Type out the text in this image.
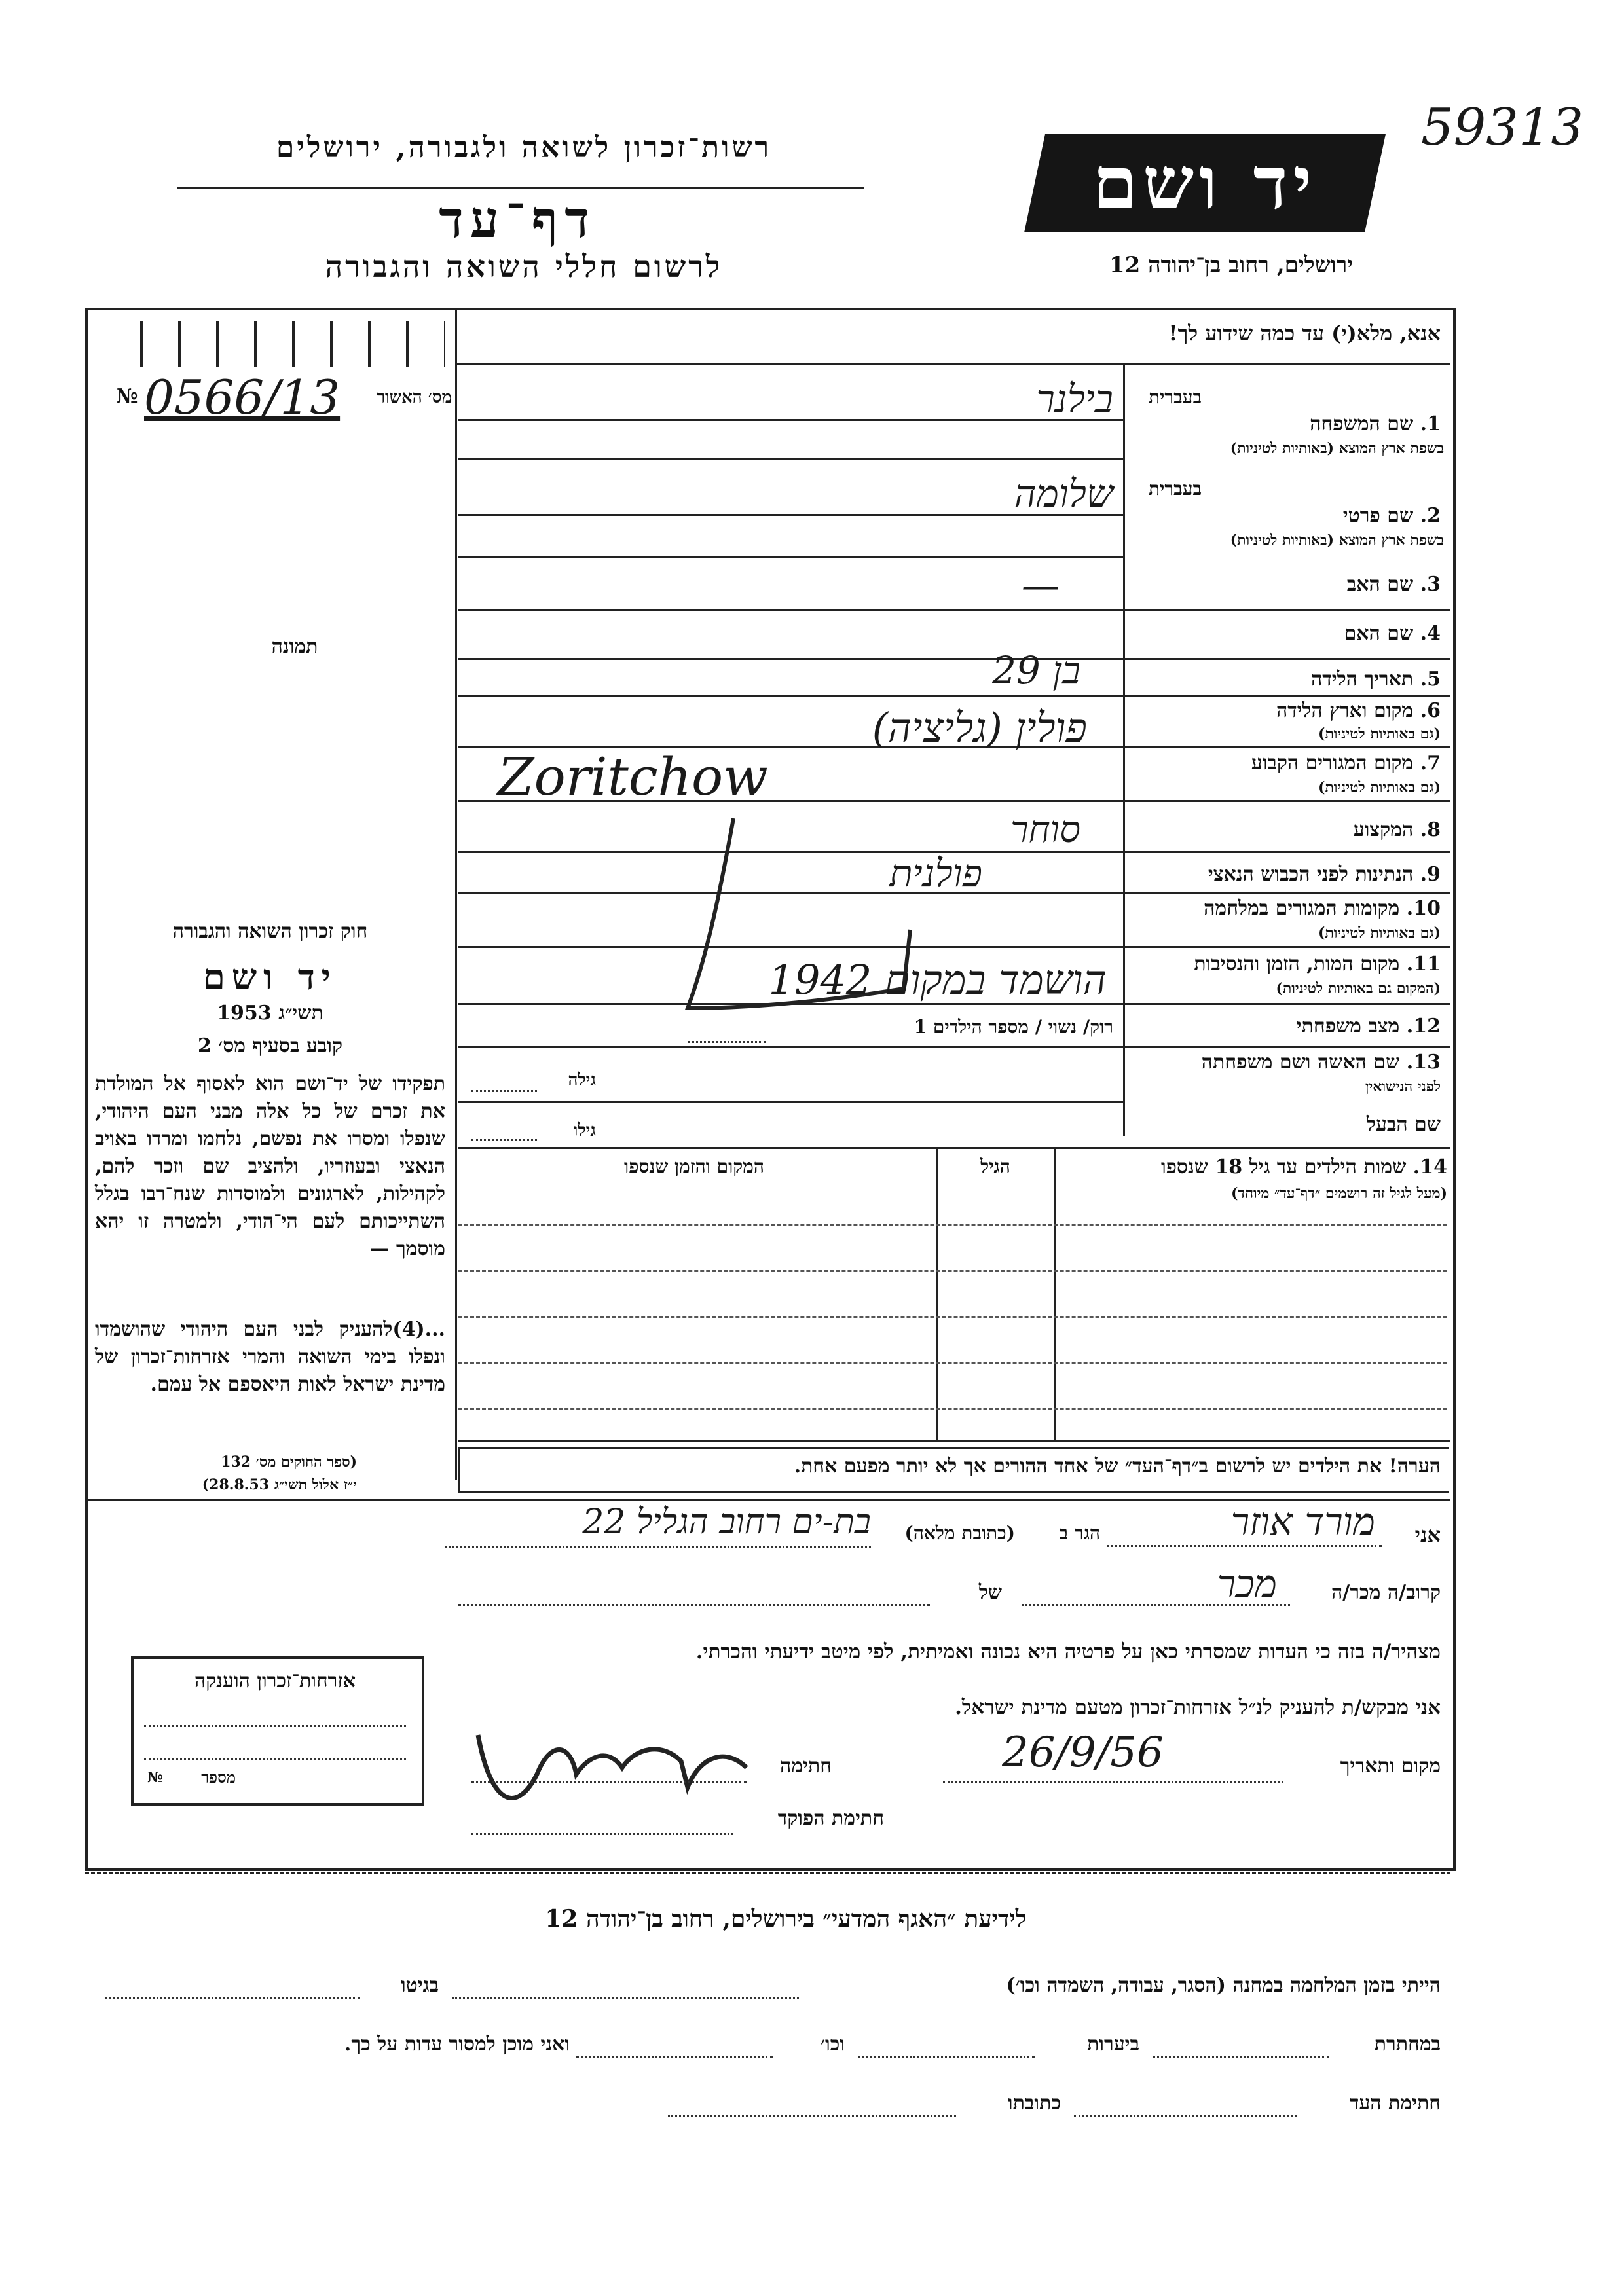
59313
רשות־זכרון לשואה ולגבורה, ירושלים
דף־עד
לרשום חללי השואה והגבורה
יד ושם
ירושלים, רחוב בן־יהודה 12
אנא, מלא(י) עד כמה שידוע לך!
מס׳ האשור
0566/13
№
תמונה
חוק זכרון השואה והגבורה
יד ושם
תשי״ג 1953
קובע בסעיף מס׳ 2
תפקידו של יד־ושם הוא לאסוף אל המולדת את זכרם של כל אלה מבני העם היהודי, שנפלו ומסרו את נפשם, נלחמו ומרדו באויב הנאצי ובעוזריו, ולהציב שם וזכר להם, לקהילות, לארגונים ולמוסדות שנח־רבו בגלל השתייכותם לעם הי־הודי, ולמטרה זו יהא מוסמך —
...(4)להעניק לבני העם היהודי שהושמדו ונפלו בימי השואה והמרי אזרחות־זכרון של מדינת ישראל לאות היאספם אל עמם.
(ספר החוקים מס׳ 132
י״ז אלול תשי״ג 28.8.53)
אזרחות־זכרון הוענקה
מספר
№
בעברית
1. שם המשפחה
בשפת ארץ המוצא (באותיות לטיניות)
בילנר
בעברית
2. שם פרטי
בשפת ארץ המוצא (באותיות לטיניות)
שלומה
3. שם האב
—
4. שם האם
5. תאריך הלידה
בן 29
6. מקום וארץ הלידה
(גם באותיות לטיניות)
פולין (גליציה)
7. מקום המגורים הקבוע
(גם באותיות לטיניות)
Zoritchow
8. המקצוע
סוחר
9. הנתינות לפני הכבוש הנאצי
פולנית
10. מקומות המגורים במלחמה
(גם באותיות לטיניות)
11. מקום המות, הזמן והנסיבות
(המקום גם באותיות לטיניות)
הושמד במקום 1942
12. מצב משפחתי
רוק/ נשוי / מספר הילדים 1
13. שם האשה ושם משפחתה
לפני הנישואין
גילה
שם הבעל
גילו
14. שמות הילדים עד גיל 18 שנספו
(מעל לגיל זה רושמים ״דף־עד״ מיוחד)
הגיל
המקום והזמן שנספו
הערה! את הילדים יש לרשום ב״דף־העד״ של אחד ההורים אך לא יותר מפעם אחת.
אני
מורד אוזר
הגר ב
(כתובת מלאה)
בת-ים רחוב הגליל 22
קרוב/ה מכר/ה
מכר
של
מצהיר/ה בזה כי העדות שמסרתי כאן על פרטיה היא נכונה ואמיתית, לפי מיטב ידיעתי והכרתי.
אני מבקש/ת להעניק לנ״ל אזרחות־זכרון מטעם מדינת ישראל.
מקום ותאריך
26/9/56
חתימה
חתימת הפוקד
לידיעת ״האגף המדעי״ בירושלים, רחוב בן־יהודה 12
הייתי בזמן המלחמה במחנה (הסגר, עבודה, השמדה וכו׳)
בגיטו
במחתרת
ביערות
וכו׳
ואני מוכן למסור עדות על כך.
חתימת העד
כתובתו
